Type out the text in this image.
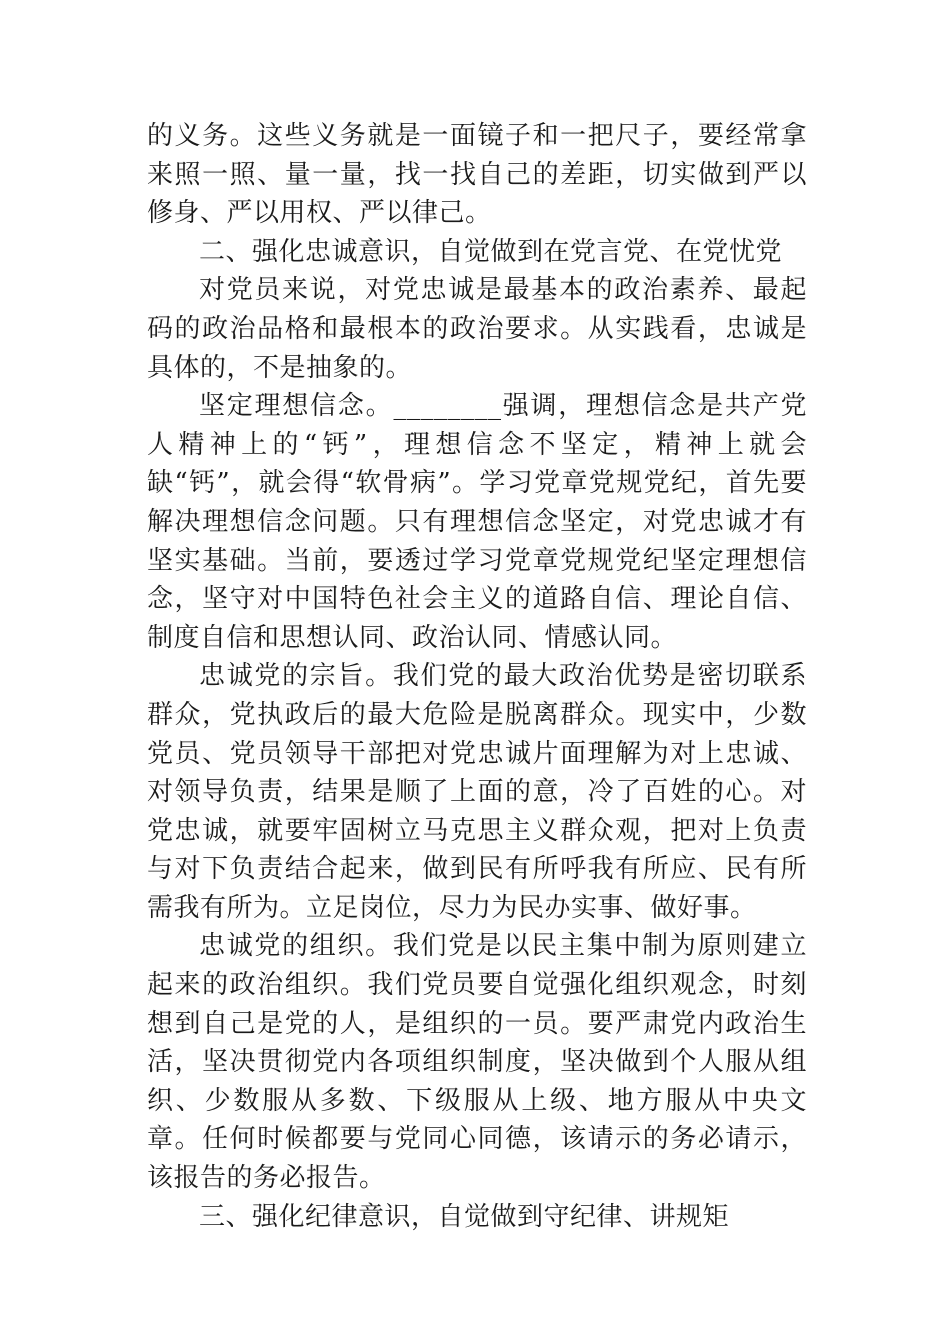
的义务。这些义务就是一面镜子和一把尺子，要经常拿来照一照、量一量，找一找自己的差距，切实做到严以修身、严以用权、严以律己。

二、强化忠诚意识，自觉做到在党言党、在党忧党

对党员来说，对党忠诚是最基本的政治素养、最起码的政治品格和最根本的政治要求。从实践看，忠诚是具体的，不是抽象的。

坚定理想信念。________强调，理想信念是共产党人精神上的“钙”，理想信念不坚定，精神上就会缺“钙”，就会得“软骨病”。学习党章党规党纪，首先要解决理想信念问题。只有理想信念坚定，对党忠诚才有坚实基础。当前，要透过学习党章党规党纪坚定理想信念，坚守对中国特色社会主义的道路自信、理论自信、制度自信和思想认同、政治认同、情感认同。

忠诚党的宗旨。我们党的最大政治优势是密切联系群众，党执政后的最大危险是脱离群众。现实中，少数党员、党员领导干部把对党忠诚片面理解为对上忠诚、对领导负责，结果是顺了上面的意，冷了百姓的心。对党忠诚，就要牢固树立马克思主义群众观，把对上负责与对下负责结合起来，做到民有所呼我有所应、民有所需我有所为。立足岗位，尽力为民办实事、做好事。

忠诚党的组织。我们党是以民主集中制为原则建立起来的政治组织。我们党员要自觉强化组织观念，时刻想到自己是党的人，是组织的一员。要严肃党内政治生活，坚决贯彻党内各项组织制度，坚决做到个人服从组织、少数服从多数、下级服从上级、地方服从中央文章。任何时候都要与党同心同德，该请示的务必请示，该报告的务必报告。

三、强化纪律意识，自觉做到守纪律、讲规矩
